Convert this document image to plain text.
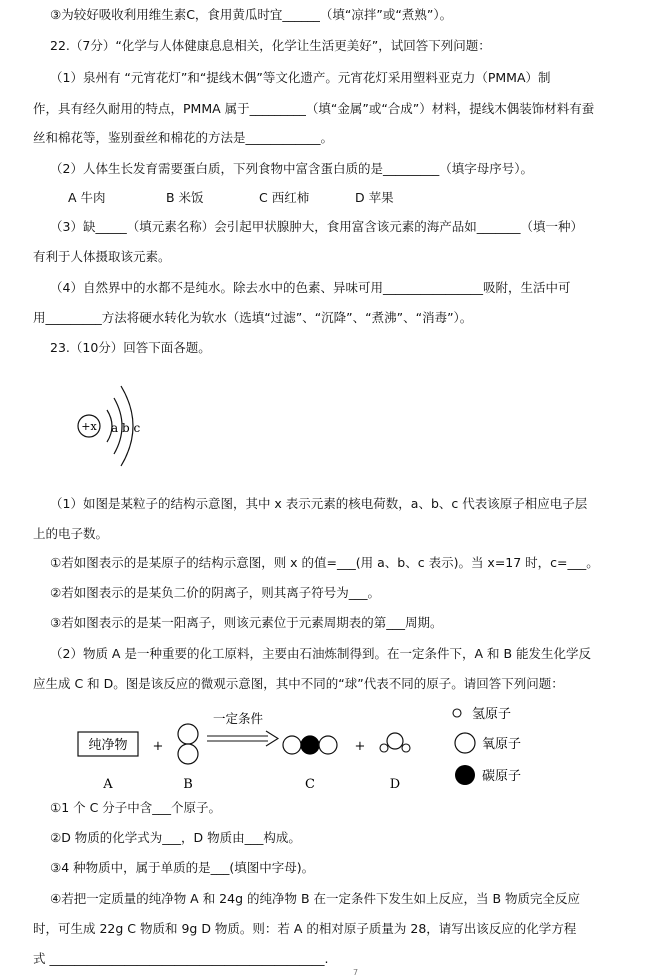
③为较好吸收利用维生素C，食用黄瓜时宜______（填“凉拌”或“煮熟”）。
22.（7分）“化学与人体健康息息相关，化学让生活更美好”，试回答下列问题：
（1）泉州有 “元宵花灯”和“提线木偶”等文化遗产。元宵花灯采用塑料亚克力（PMMA）制
作，具有经久耐用的特点，PMMA 属于_________（填“金属”或“合成”）材料，提线木偶装饰材料有蚕
丝和棉花等，鉴别蚕丝和棉花的方法是____________。
（2）人体生长发育需要蛋白质，下列食物中富含蛋白质的是_________（填字母序号）。
A 牛肉	B 米饭	C 西红柿	D 苹果
（3）缺_____（填元素名称）会引起甲状腺肿大，食用富含该元素的海产品如_______（填一种）
有利于人体摄取该元素。
（4）自然界中的水都不是纯水。除去水中的色素、异味可用________________吸附，生活中可
用_________方法将硬水转化为软水（选填“过滤”、“沉降”、“煮沸”、“消毒”）。
23.（10分）回答下面各题。
+x a b c
（1）如图是某粒子的结构示意图，其中 x 表示元素的核电荷数，a、b、c 代表该原子相应电子层
上的电子数。
①若如图表示的是某原子的结构示意图，则 x 的值=___(用 a、b、c 表示)。当 x=17 时，c=___。
②若如图表示的是某负二价的阴离子，则其离子符号为___。
③若如图表示的是某一阳离子，则该元素位于元素周期表的第___周期。
（2）物质 A 是一种重要的化工原料，主要由石油炼制得到。在一定条件下，A 和 B 能发生化学反
应生成 C 和 D。图是该反应的微观示意图，其中不同的“球”代表不同的原子。请回答下列问题：
纯净物 +
一定条件
+
A	B	C	D
氢原子
氧原子
碳原子
①1 个 C 分子中含___个原子。
②D 物质的化学式为___，D 物质由___构成。
③4 种物质中，属于单质的是___(填图中字母)。
④若把一定质量的纯净物 A 和 24g 的纯净物 B 在一定条件下发生如上反应，当 B 物质完全反应
时，可生成 22g C 物质和 9g D 物质。则：若 A 的相对原子质量为 28，请写出该反应的化学方程
式 ____________________________________________.
7
